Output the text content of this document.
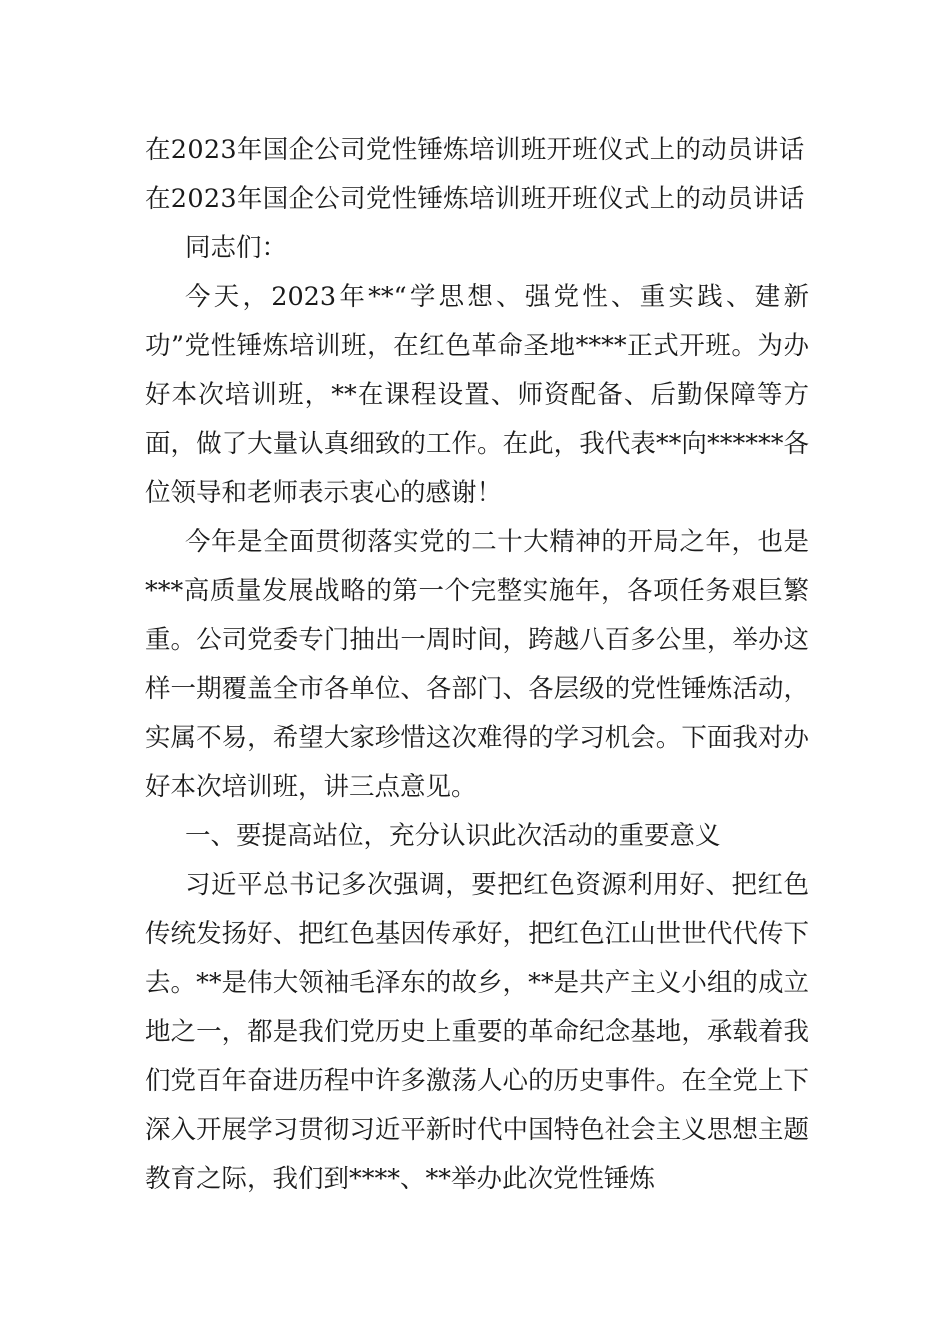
在2023年国企公司党性锤炼培训班开班仪式上的动员讲话

在2023年国企公司党性锤炼培训班开班仪式上的动员讲话

同志们：

今天，2023年**“学思想、强党性、重实践、建新功”党性锤炼培训班，在红色革命圣地****正式开班。为办好本次培训班，**在课程设置、师资配备、后勤保障等方面，做了大量认真细致的工作。在此，我代表**向******各位领导和老师表示衷心的感谢！

今年是全面贯彻落实党的二十大精神的开局之年，也是***高质量发展战略的第一个完整实施年，各项任务艰巨繁重。公司党委专门抽出一周时间，跨越八百多公里，举办这样一期覆盖全市各单位、各部门、各层级的党性锤炼活动，实属不易，希望大家珍惜这次难得的学习机会。下面我对办好本次培训班，讲三点意见。

一、要提高站位，充分认识此次活动的重要意义

习近平总书记多次强调，要把红色资源利用好、把红色传统发扬好、把红色基因传承好，把红色江山世世代代传下去。**是伟大领袖毛泽东的故乡，**是共产主义小组的成立地之一，都是我们党历史上重要的革命纪念基地，承载着我们党百年奋进历程中许多激荡人心的历史事件。在全党上下深入开展学习贯彻习近平新时代中国特色社会主义思想主题教育之际，我们到****、**举办此次党性锤炼
